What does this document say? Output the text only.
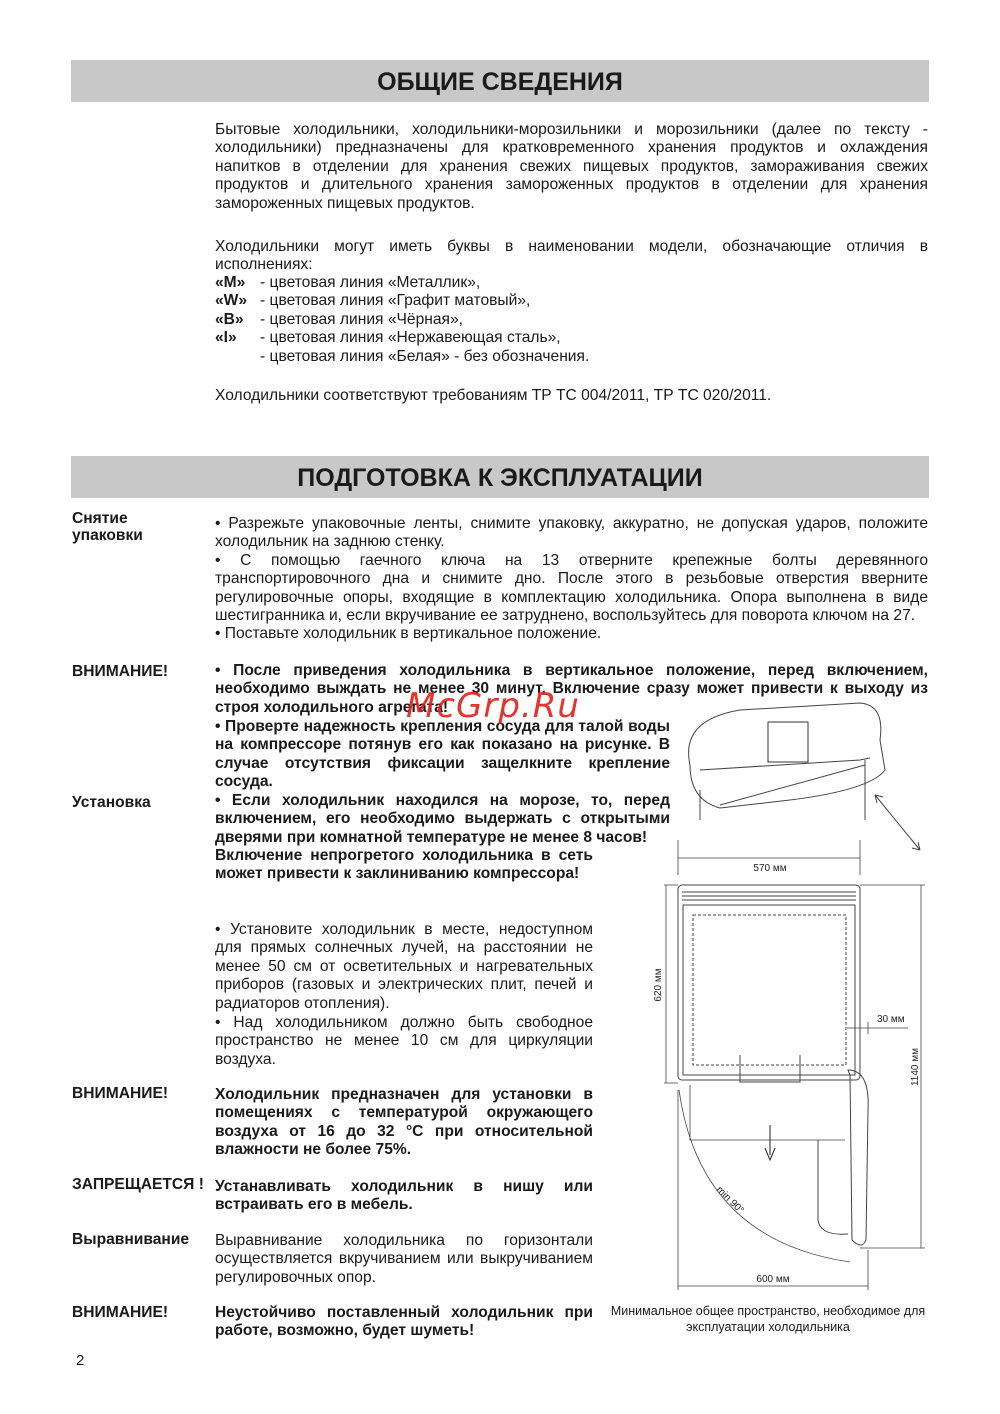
ОБЩИЕ СВЕДЕНИЯ
Бытовые холодильники, холодильники-морозильники и морозильники (далее по тексту - холодильники) предназначены для кратковременного хранения продуктов и охлаждения напитков в отделении для хранения свежих пищевых продуктов, замораживания свежих продуктов и длительного хранения замороженных продуктов в отделении для хранения замороженных пищевых продуктов.
Холодильники могут иметь буквы в наименовании модели, обозначающие отличия в исполнениях:
«M» - цветовая линия «Металлик»,
«W» - цветовая линия «Графит матовый»,
«B»	- цветовая линия «Чёрная»,
«I»	- цветовая линия «Нержавеющая сталь»,
- цветовая линия «Белая» - без обозначения.
Холодильники соответствуют требованиям ТР ТС 004/2011, ТР ТС 020/2011.
ПОДГОТОВКА К ЭКСПЛУАТАЦИИ
Снятие упаковки
• Разрежьте упаковочные ленты, снимите упаковку, аккуратно, не допуская ударов, положите холодильник на заднюю стенку.
• С помощью гаечного ключа на 13 отверните крепежные болты деревянного транспортировочного дна и снимите дно. После этого в резьбовые отверстия вверните регулировочные опоры, входящие в комплектацию холодильника. Опора выполнена в виде шестигранника и, если вкручивание ее затруднено, воспользуйтесь для поворота ключом на 27.
• Поставьте холодильник в вертикальное положение.
ВНИМАНИЕ!	• После приведения холодильника в вертикальное положение, перед включением, необходимо выждать не менее 30 минут. Включение сразу может привести к выходу из строя холодильного агрегата!
• Проверте надежность крепления сосуда для талой воды на компрессоре потянув его как показано на рисунке. В случае отсутствия фиксации защелкните крепление сосуда.
Установка	• Если холодильник находился на морозе, то, перед включением, его необходимо выдержать с открытыми дверями при комнатной температуре не менее 8 часов!
Включение непрогретого холодильника в сеть может привести к заклиниванию компрессора!
• Установите холодильник в месте, недоступном для прямых солнечных лучей, на расстоянии не менее 50 см от осветительных и нагревательных приборов (газовых и электрических плит, печей и радиаторов отопления).
• Над холодильником должно быть свободное пространство не менее 10 см для циркуляции воздуха.
ВНИМАНИЕ!	Холодильник предназначен для установки в помещениях с температурой окружающего воздуха от 16 до 32 °С при относительной влажности не более 75%.
ЗАПРЕЩАЕТСЯ ! Устанавливать холодильник в нишу или встраивать его в мебель.
Выравнивание Выравнивание холодильника по горизонтали осуществляется вкручиванием или выкручиванием регулировочных опор.
ВНИМАНИЕ!	Неустойчиво поставленный холодильник при работе, возможно, будет шуметь!
570 мм
620 мм
30 мм
1140 мм
min 90°
600 мм
Минимальное общее пространство, необходимое для эксплуатации холодильника
McGrp.Ru
2
